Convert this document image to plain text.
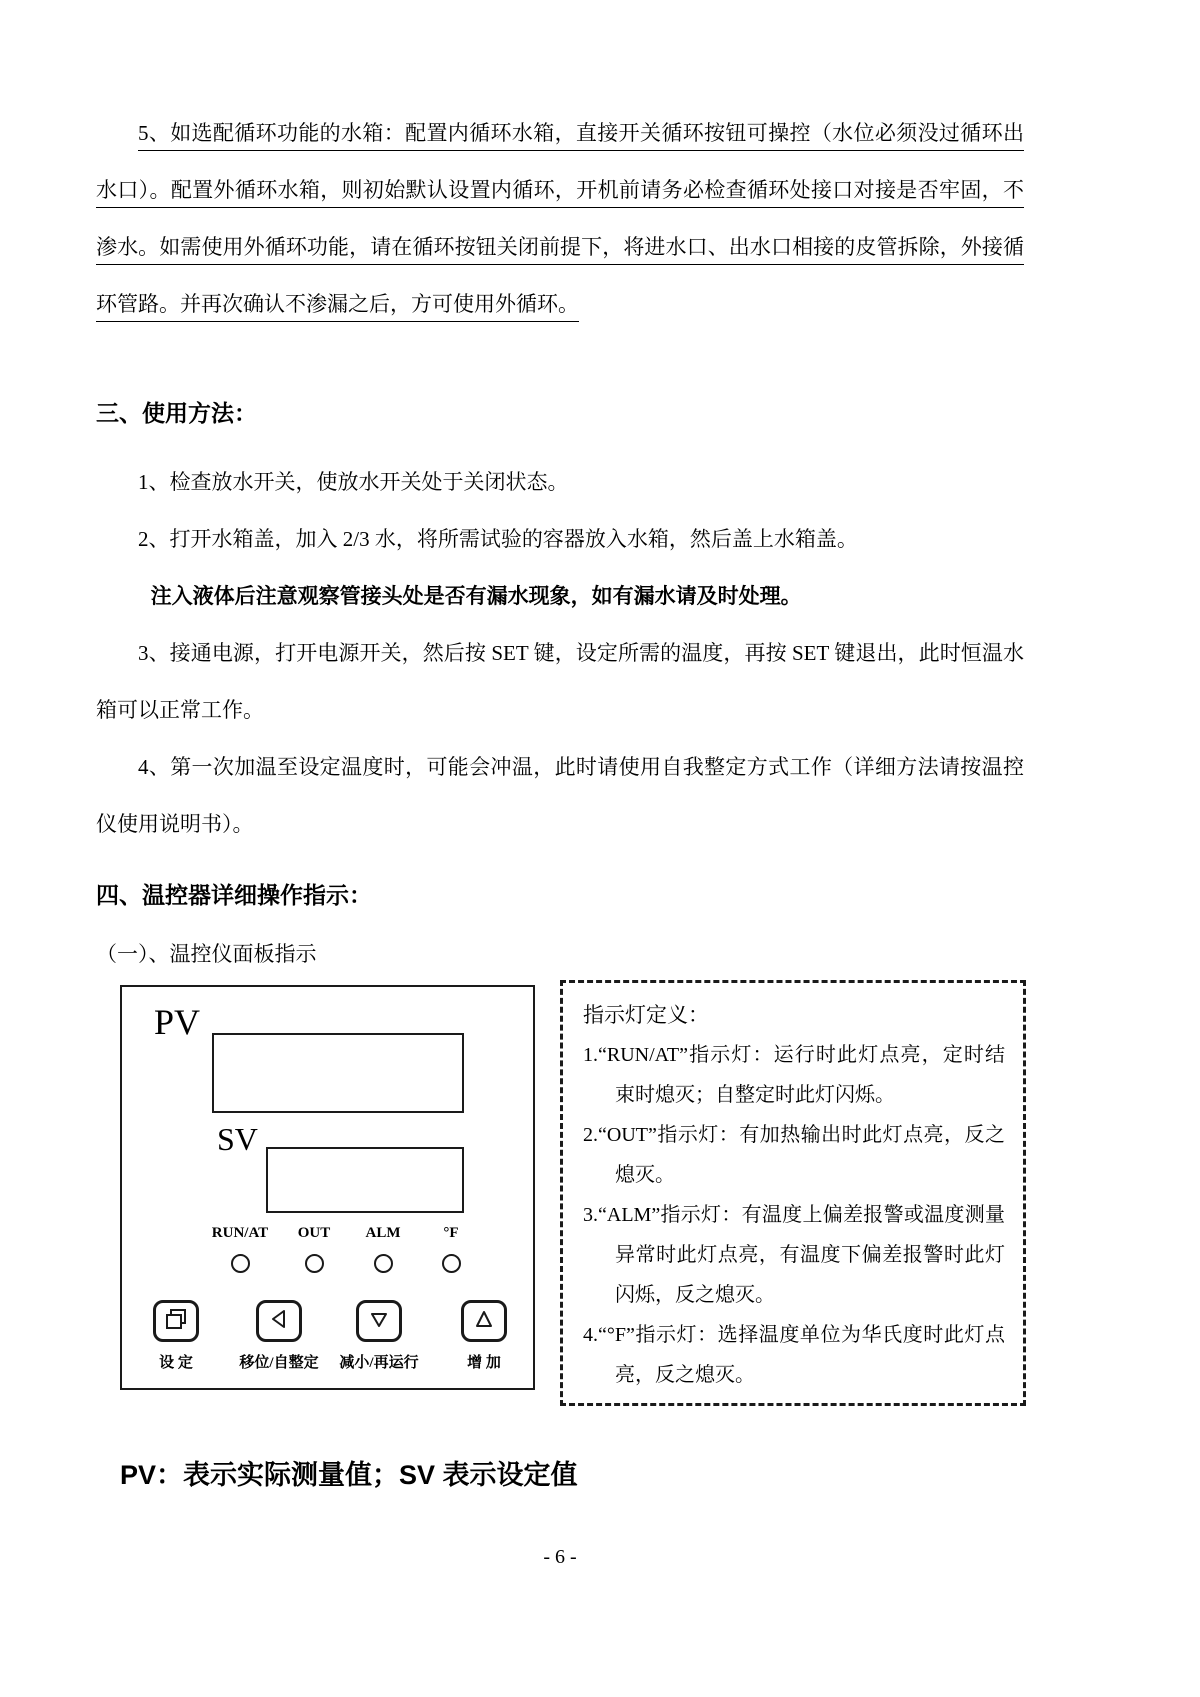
5、如选配循环功能的水箱：配置内循环水箱，直接开关循环按钮可操控（水位必须没过循环出水口）。配置外循环水箱，则初始默认设置内循环，开机前请务必检查循环处接口对接是否牢固，不渗水。如需使用外循环功能，请在循环按钮关闭前提下，将进水口、出水口相接的皮管拆除，外接循环管路。并再次确认不渗漏之后，方可使用外循环。

三、使用方法：

1、检查放水开关，使放水开关处于关闭状态。

2、打开水箱盖，加入 2/3 水，将所需试验的容器放入水箱，然后盖上水箱盖。

注入液体后注意观察管接头处是否有漏水现象，如有漏水请及时处理。

3、接通电源，打开电源开关，然后按 SET 键，设定所需的温度，再按 SET 键退出，此时恒温水箱可以正常工作。

4、第一次加温至设定温度时，可能会冲温，此时请使用自我整定方式工作（详细方法请按温控仪使用说明书）。

四、温控器详细操作指示：

（一）、温控仪面板指示

PV
SV
RUN/AT	OUT	ALM	°F
设 定	移位/自整定	减小/再运行	增 加

指示灯定义：

1.“RUN/AT”指示灯：运行时此灯点亮，定时结束时熄灭；自整定时此灯闪烁。

2.“OUT”指示灯：有加热输出时此灯点亮，反之熄灭。

3.“ALM”指示灯：有温度上偏差报警或温度测量异常时此灯点亮，有温度下偏差报警时此灯闪烁，反之熄灭。

4.“°F”指示灯：选择温度单位为华氏度时此灯点亮，反之熄灭。

PV：表示实际测量值；SV 表示设定值

- 6 -
